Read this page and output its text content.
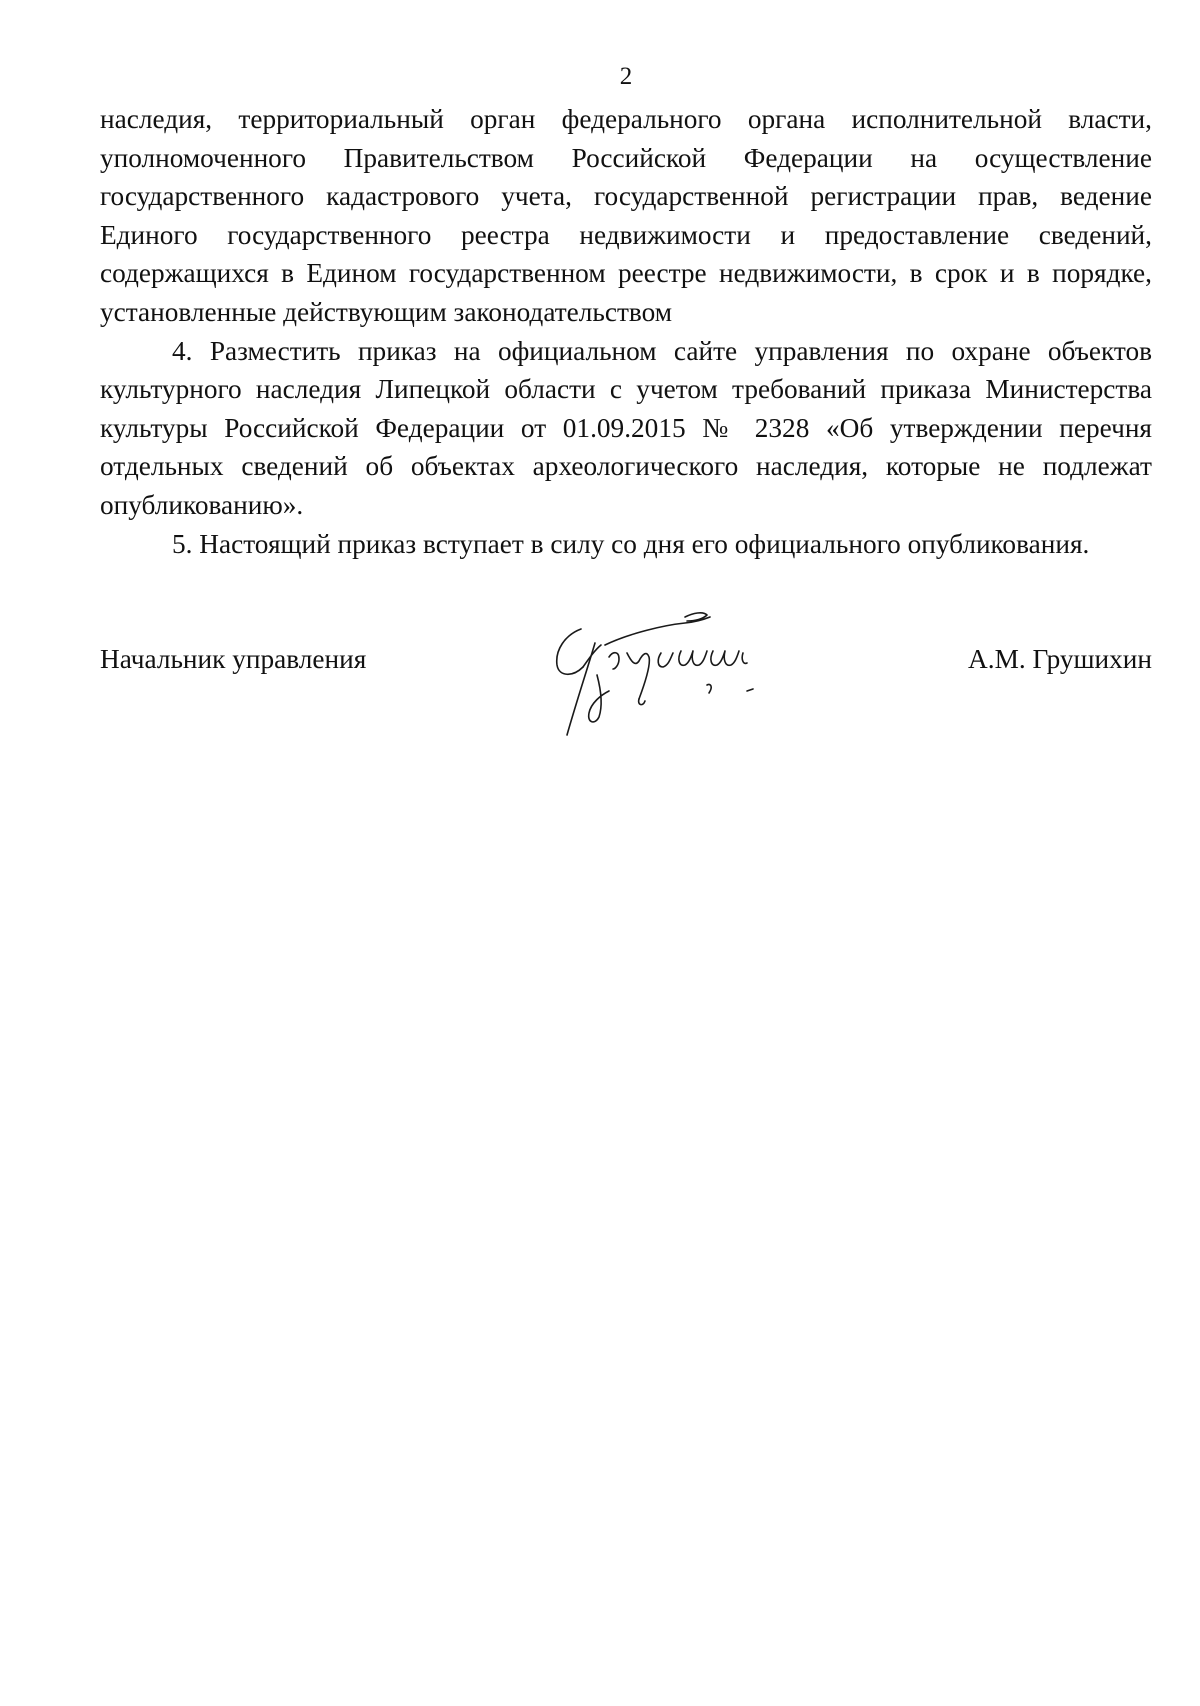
2

наследия, территориальный орган федерального органа исполнительной власти, уполномоченного Правительством Российской Федерации на осуществление государственного кадастрового учета, государственной регистрации прав, ведение Единого государственного реестра недвижимости и предоставление сведений, содержащихся в Едином государственном реестре недвижимости, в срок и в порядке, установленные действующим законодательством

4. Разместить приказ на официальном сайте управления по охране объектов культурного наследия Липецкой области с учетом требований приказа Министерства культуры Российской Федерации от 01.09.2015 № 2328 «Об утверждении перечня отдельных сведений об объектах археологического наследия, которые не подлежат опубликованию».

5. Настоящий приказ вступает в силу со дня его официального опубликования.

Начальник управления	А.М. Грушихин
